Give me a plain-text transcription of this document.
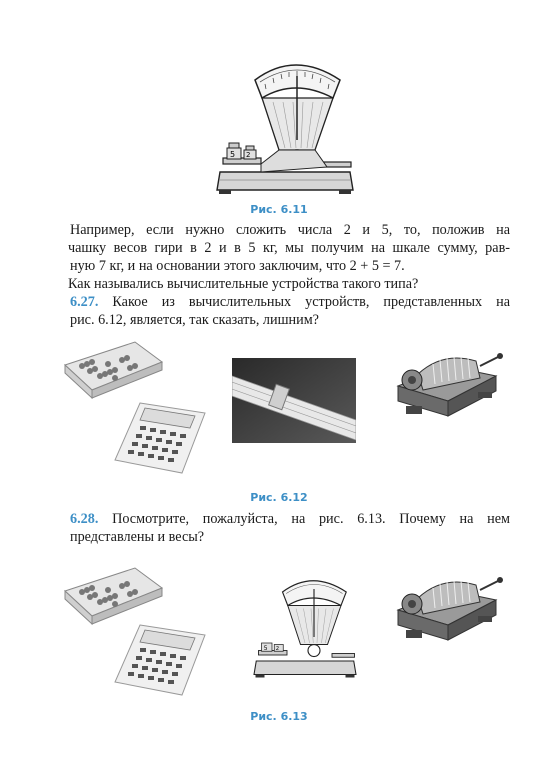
5 2
Рис. 6.11
Например, если нужно сложить числа 2 и 5, то, положив на
чашку весов гири в 2 и в 5 кг, мы получим на шкале сумму, рав-
ную 7 кг, и на основании этого заключим, что 2 + 5 = 7.
Как назывались вычислительные устройства такого типа?
6.27. Какое из вычислительных устройств, представленных на
рис. 6.12, является, так сказать, лишним?
Рис. 6.12
6.28. Посмотрите, пожалуйста, на рис. 6.13. Почему на нем
представлены и весы?
5 2
Рис. 6.13
